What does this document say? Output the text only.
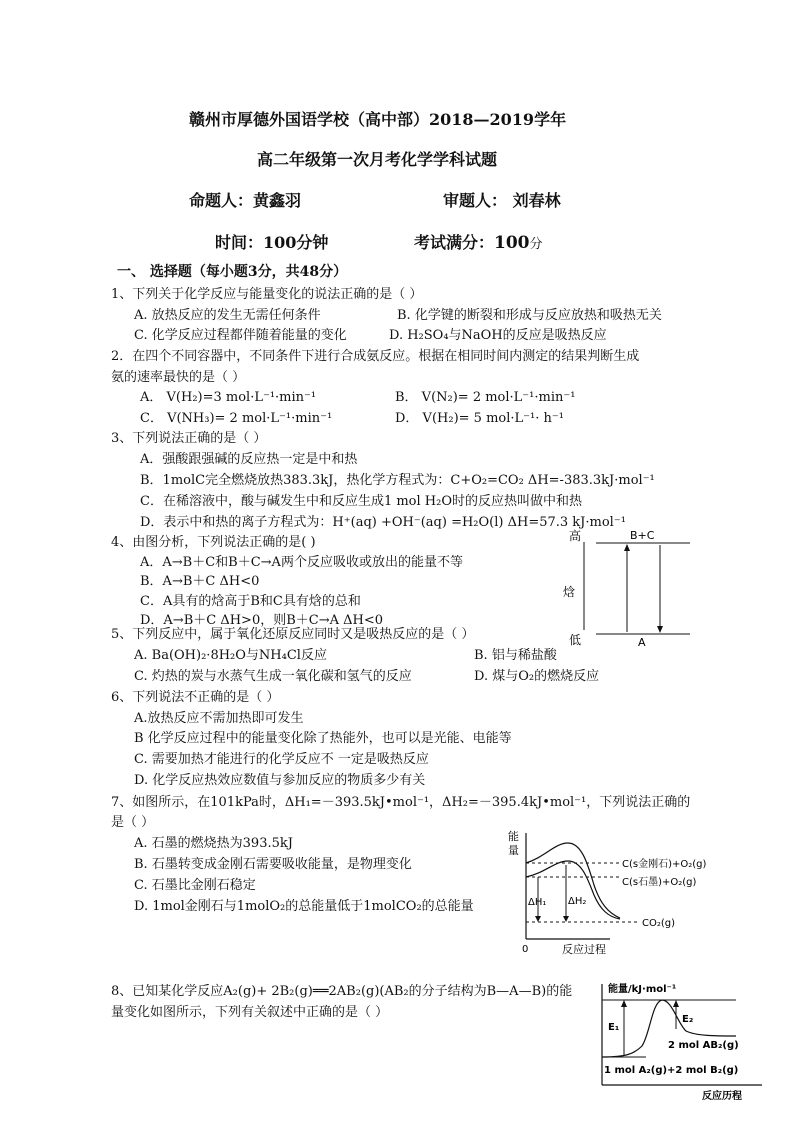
赣州市厚德外国语学校（高中部）2018—2019学年
高二年级第一次月考化学学科试题
命题人：黄鑫羽	审题人： 刘春林
时间：100分钟	考试满分：100分
一、 选择题（每小题3分，共48分）
1、下列关于化学反应与能量变化的说法正确的是（ ）
A. 放热反应的发生无需任何条件	B. 化学键的断裂和形成与反应放热和吸热无关
C. 化学反应过程都伴随着能量的变化	D. H₂SO₄与NaOH的反应是吸热反应
2．在四个不同容器中，不同条件下进行合成氨反应。根据在相同时间内测定的结果判断生成
氨的速率最快的是（ ）
A． V(H₂)=3 mol·L⁻¹·min⁻¹	B． V(N₂)= 2 mol·L⁻¹·min⁻¹
C． V(NH₃)= 2 mol·L⁻¹·min⁻¹	D． V(H₂)= 5 mol·L⁻¹· h⁻¹
3、下列说法正确的是（ ）
A．强酸跟强碱的反应热一定是中和热
B．1molC完全燃烧放热383.3kJ，热化学方程式为：C+O₂=CO₂ ΔH=-383.3kJ·mol⁻¹
C．在稀溶液中，酸与碱发生中和反应生成1 mol H₂O时的反应热叫做中和热
D．表示中和热的离子方程式为：H⁺(aq) +OH⁻(aq) =H₂O(l) ΔH=57.3 kJ·mol⁻¹
4、由图分析，下列说法正确的是( )
A．A→B＋C和B＋C→A两个反应吸收或放出的能量不等
B．A→B＋C ΔH<0
C．A具有的焓高于B和C具有焓的总和
D．A→B＋C ΔH>0，则B＋C→A ΔH<0
高
焓
低
B+C
A
5、下列反应中，属于氧化还原反应同时又是吸热反应的是（ ）
A. Ba(OH)₂·8H₂O与NH₄Cl反应	B. 铝与稀盐酸
C. 灼热的炭与水蒸气生成一氧化碳和氢气的反应	D. 煤与O₂的燃烧反应
6、下列说法不正确的是（ ）
A.放热反应不需加热即可发生
B 化学反应过程中的能量变化除了热能外，也可以是光能、电能等
C. 需要加热才能进行的化学反应不 一定是吸热反应
D. 化学反应热效应数值与参加反应的物质多少有关
7、如图所示，在101kPa时，ΔH₁=－393.5kJ•mol⁻¹，ΔH₂=－395.4kJ•mol⁻¹，下列说法正确的
是（ ）
A. 石墨的燃烧热为393.5kJ
B. 石墨转变成金刚石需要吸收能量，是物理变化
C. 石墨比金刚石稳定
D. 1mol金刚石与1molO₂的总能量低于1molCO₂的总能量
能
量
0	反应过程
ΔH₁ ΔH₂
C(s金刚石)+O₂(g)
C(s石墨)+O₂(g)
CO₂(g)
8、已知某化学反应A₂(g)+ 2B₂(g)══2AB₂(g)(AB₂的分子结构为B—A—B)的能
量变化如图所示，下列有关叙述中正确的是（ ）
能量/kJ·mol⁻¹
反应历程
E₁
E₂
2 mol AB₂(g)
1 mol A₂(g)+2 mol B₂(g)
